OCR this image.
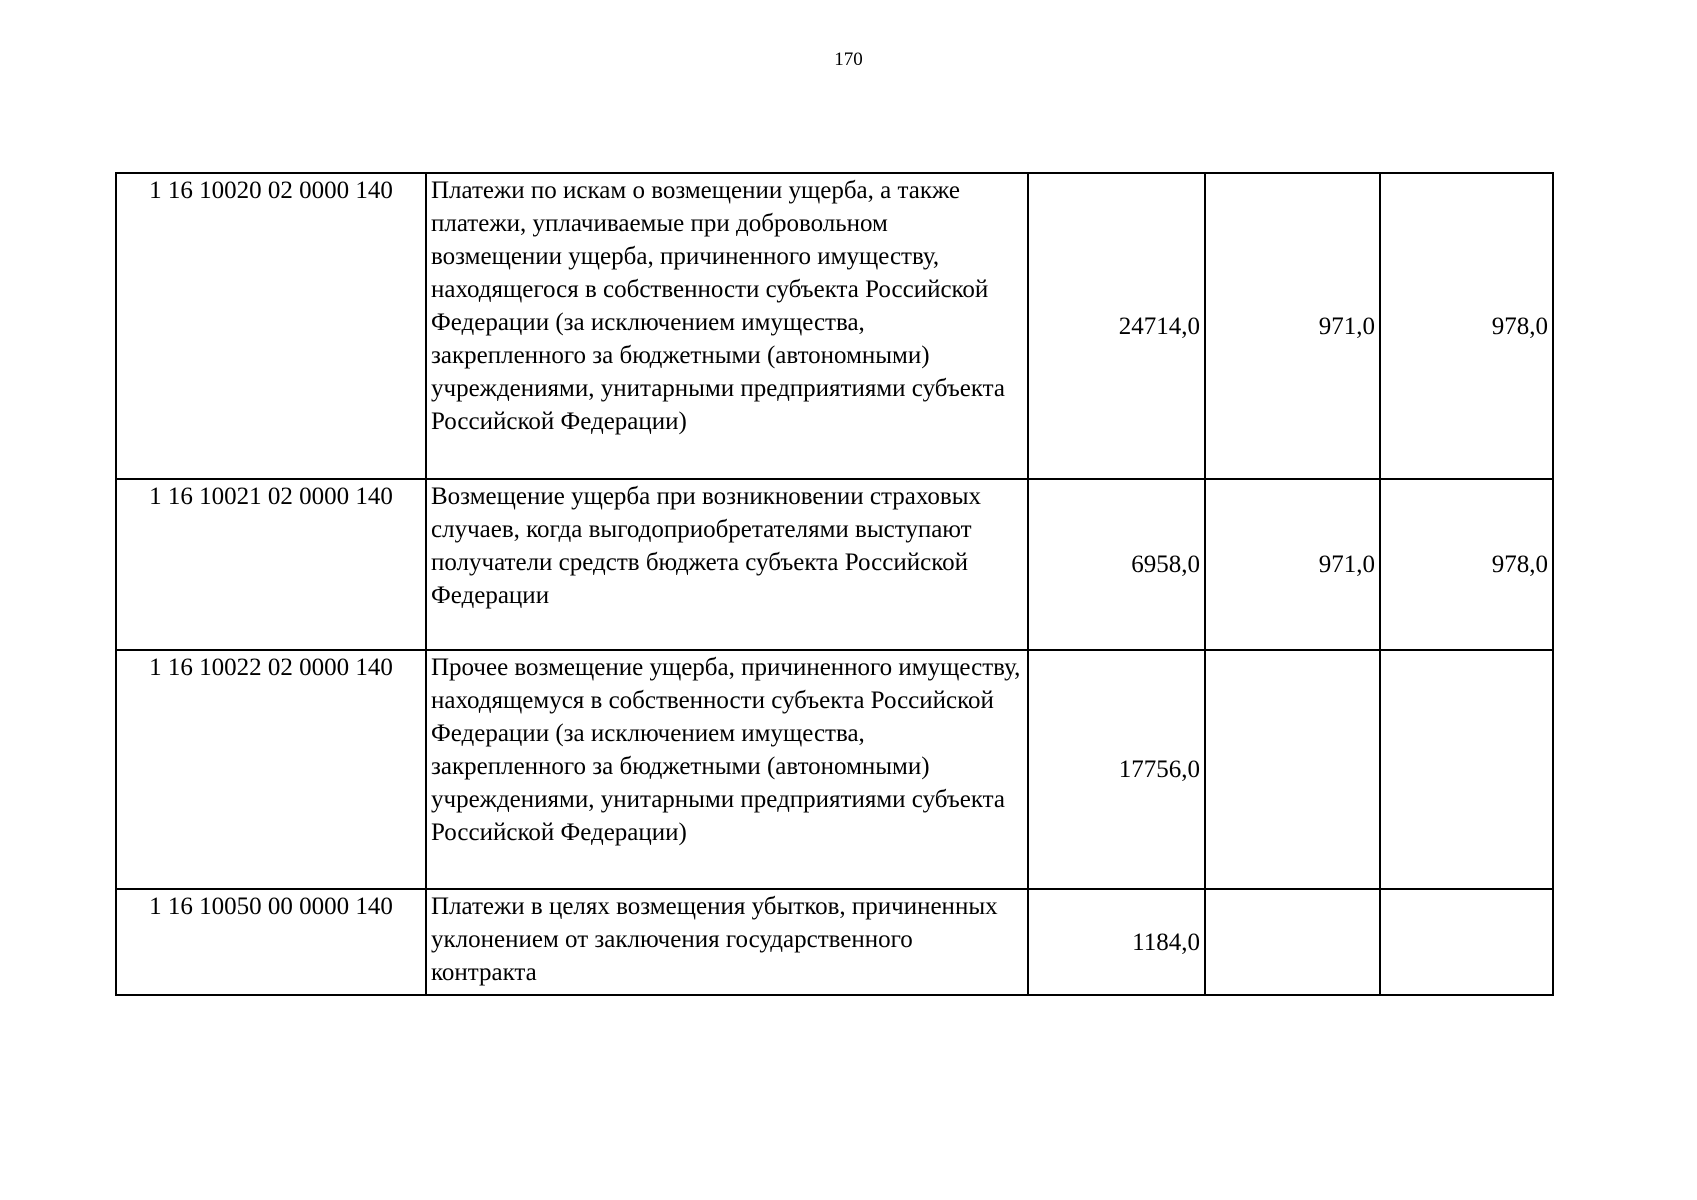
170
1 16 10020 02 0000 140	Платежи по искам о возмещении ущерба, а также платежи, уплачиваемые при добровольном возмещении ущерба, причиненного имуществу, находящегося в собственности субъекта Российской Федерации (за исключением имущества, закрепленного за бюджетными (автономными) учреждениями, унитарными предприятиями субъекта Российской Федерации)	24714,0	971,0	978,0
1 16 10021 02 0000 140	Возмещение ущерба при возникновении страховых случаев, когда выгодоприобретателями выступают получатели средств бюджета субъекта Российской Федерации	6958,0	971,0	978,0
1 16 10022 02 0000 140	Прочее возмещение ущерба, причиненного имуществу, находящемуся в собственности субъекта Российской Федерации (за исключением имущества, закрепленного за бюджетными (автономными) учреждениями, унитарными предприятиями субъекта Российской Федерации)	17756,0		
1 16 10050 00 0000 140	Платежи в целях возмещения убытков, причиненных уклонением от заключения государственного контракта	1184,0		
